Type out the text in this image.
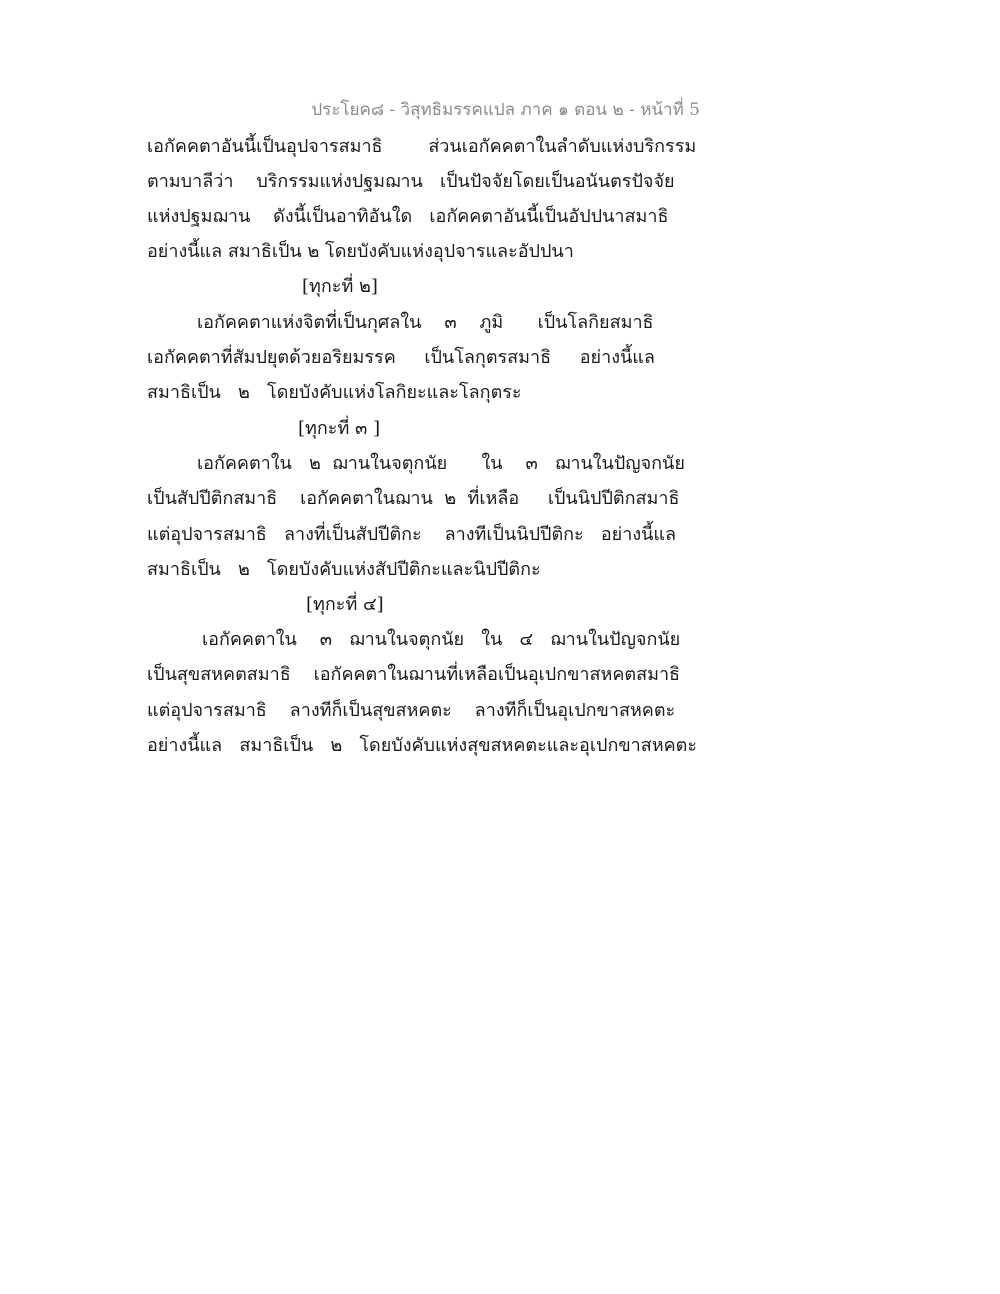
ประโยค๘ - วิสุทธิมรรคแปล ภาค ๑ ตอน ๒ - หน้าที่ 5
เอกัคคตาอันนี้เป็นอุปจารสมาธิ        ส่วนเอกัคคตาในลำดับแห่งบริกรรม
ตามบาลีว่า    บริกรรมแห่งปฐมฌาน   เป็นปัจจัยโดยเป็นอนันตรปัจจัย
แห่งปฐมฌาน    ดังนี้เป็นอาทิอันใด   เอกัคคตาอันนี้เป็นอัปปนาสมาธิ
อย่างนี้แล สมาธิเป็น ๒ โดยบังคับแห่งอุปจารและอัปปนา
[ทุกะที่ ๒]
เอกัคคตาแห่งจิตที่เป็นกุศลใน    ๓    ภูมิ      เป็นโลกิยสมาธิ
เอกัคคตาที่สัมปยุตด้วยอริยมรรค     เป็นโลกุตรสมาธิ     อย่างนี้แล
สมาธิเป็น   ๒   โดยบังคับแห่งโลกิยะและโลกุตระ
[ทุกะที่ ๓ ]
เอกัคคตาใน   ๒  ฌานในจตุกนัย      ใน    ๓   ฌานในปัญจกนัย
เป็นสัปปีติกสมาธิ    เอกัคคตาในฌาน  ๒  ที่เหลือ     เป็นนิปปีติกสมาธิ
แต่อุปจารสมาธิ   ลางที่เป็นสัปปีติกะ    ลางทีเป็นนิปปีติกะ   อย่างนี้แล
สมาธิเป็น   ๒   โดยบังคับแห่งสัปปีติกะและนิปปีติกะ
[ทุกะที่ ๔]
เอกัคคตาใน    ๓   ฌานในจตุกนัย   ใน   ๔   ฌานในปัญจกนัย
เป็นสุขสหคตสมาธิ    เอกัคคตาในฌานที่เหลือเป็นอุเปกขาสหคตสมาธิ
แต่อุปจารสมาธิ    ลางทีก็เป็นสุขสหคตะ    ลางทีก็เป็นอุเปกขาสหคตะ
อย่างนี้แล   สมาธิเป็น   ๒   โดยบังคับแห่งสุขสหคตะและอุเปกขาสหคตะ
